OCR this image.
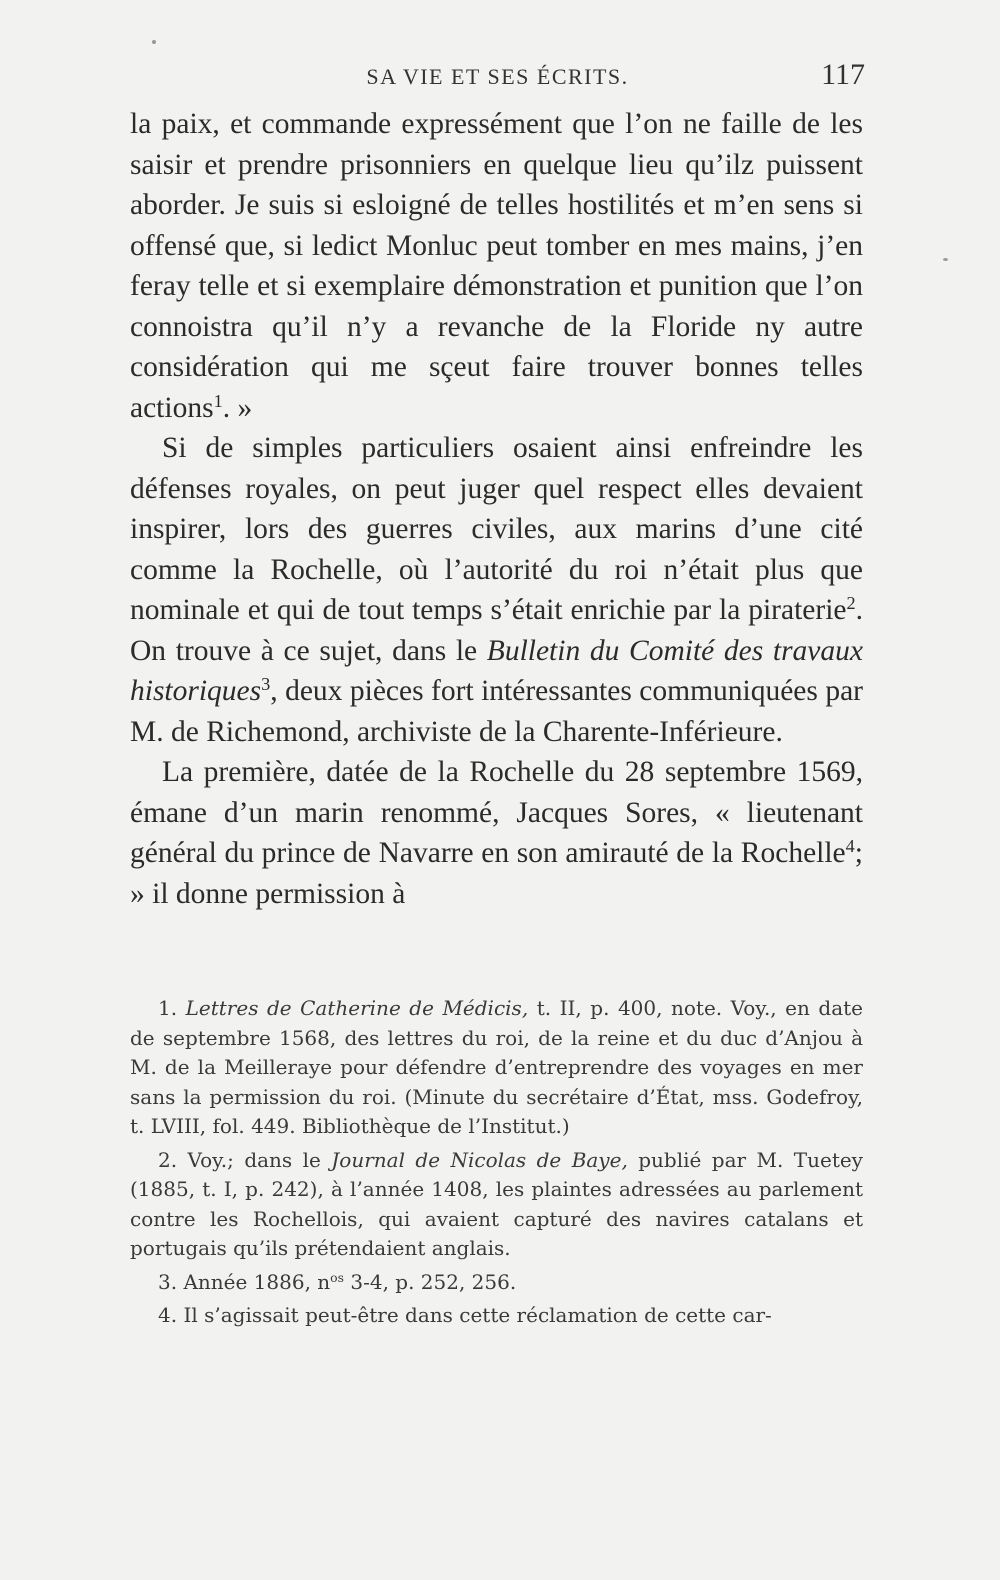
SA VIE ET SES ÉCRITS.	117

la paix, et commande expressément que l’on ne faille de les saisir et prendre prisonniers en quelque lieu qu’ilz puissent aborder. Je suis si esloigné de telles hostilités et m’en sens si offensé que, si ledict Monluc peut tomber en mes mains, j’en feray telle et si exemplaire démonstration et punition que l’on connoistra qu’il n’y a revanche de la Floride ny autre considération qui me sçeut faire trouver bonnes telles actions$^1$. »

Si de simples particuliers osaient ainsi enfreindre les défenses royales, on peut juger quel respect elles devaient inspirer, lors des guerres civiles, aux marins d’une cité comme la Rochelle, où l’autorité du roi n’était plus que nominale et qui de tout temps s’était enrichie par la piraterie$^2$. On trouve à ce sujet, dans le Bulletin du Comité des travaux historiques$^3$, deux pièces fort intéressantes communiquées par M. de Richemond, archiviste de la Charente-Inférieure.

La première, datée de la Rochelle du 28 septembre 1569, émane d’un marin renommé, Jacques Sores, « lieutenant général du prince de Navarre en son amirauté de la Rochelle$^4$; » il donne permission à

1. Lettres de Catherine de Médicis, t. II, p. 400, note. Voy., en date de septembre 1568, des lettres du roi, de la reine et du duc d’Anjou à M. de la Meilleraye pour défendre d’entreprendre des voyages en mer sans la permission du roi. (Minute du secrétaire d’État, mss. Godefroy, t. LVIII, fol. 449. Bibliothèque de l’Institut.)

2. Voy.; dans le Journal de Nicolas de Baye, publié par M. Tuetey (1885, t. I, p. 242), à l’année 1408, les plaintes adressées au parlement contre les Rochellois, qui avaient capturé des navires catalans et portugais qu’ils prétendaient anglais.

3. Année 1886, $n^{os}$ 3-4, p. 252, 256.

4. Il s’agissait peut-être dans cette réclamation de cette car-
